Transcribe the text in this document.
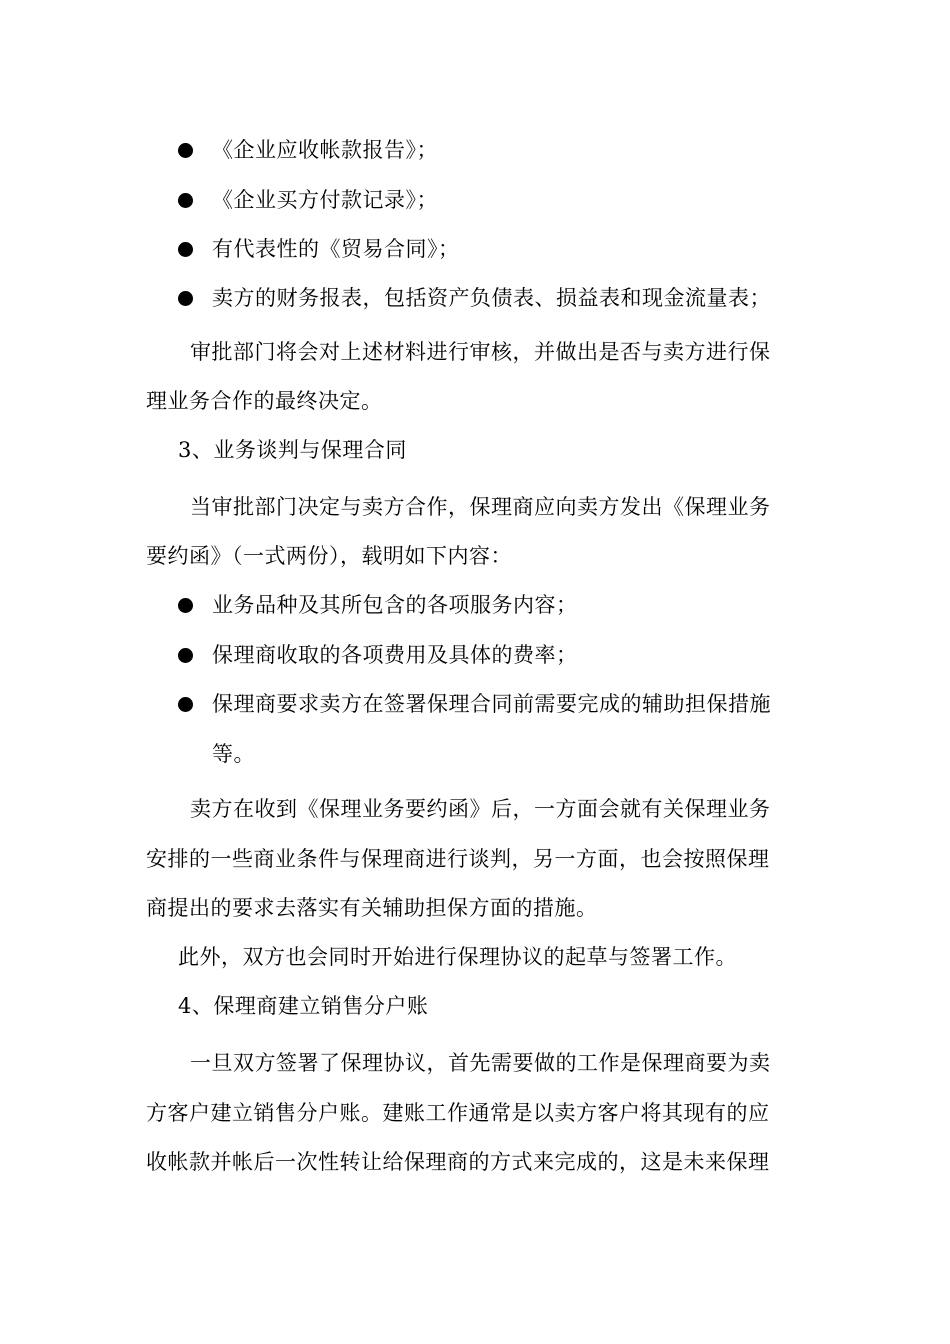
《企业应收帐款报告》；
《企业买方付款记录》；
有代表性的《贸易合同》；
卖方的财务报表，包括资产负债表、损益表和现金流量表；
审批部门将会对上述材料进行审核，并做出是否与卖方进行保
理业务合作的最终决定。
3、业务谈判与保理合同
当审批部门决定与卖方合作，保理商应向卖方发出《保理业务
要约函》（一式两份），载明如下内容：
业务品种及其所包含的各项服务内容；
保理商收取的各项费用及具体的费率；
保理商要求卖方在签署保理合同前需要完成的辅助担保措施
等。
卖方在收到《保理业务要约函》后，一方面会就有关保理业务
安排的一些商业条件与保理商进行谈判，另一方面，也会按照保理
商提出的要求去落实有关辅助担保方面的措施。
此外，双方也会同时开始进行保理协议的起草与签署工作。
4、保理商建立销售分户账
一旦双方签署了保理协议，首先需要做的工作是保理商要为卖
方客户建立销售分户账。建账工作通常是以卖方客户将其现有的应
收帐款并帐后一次性转让给保理商的方式来完成的，这是未来保理
